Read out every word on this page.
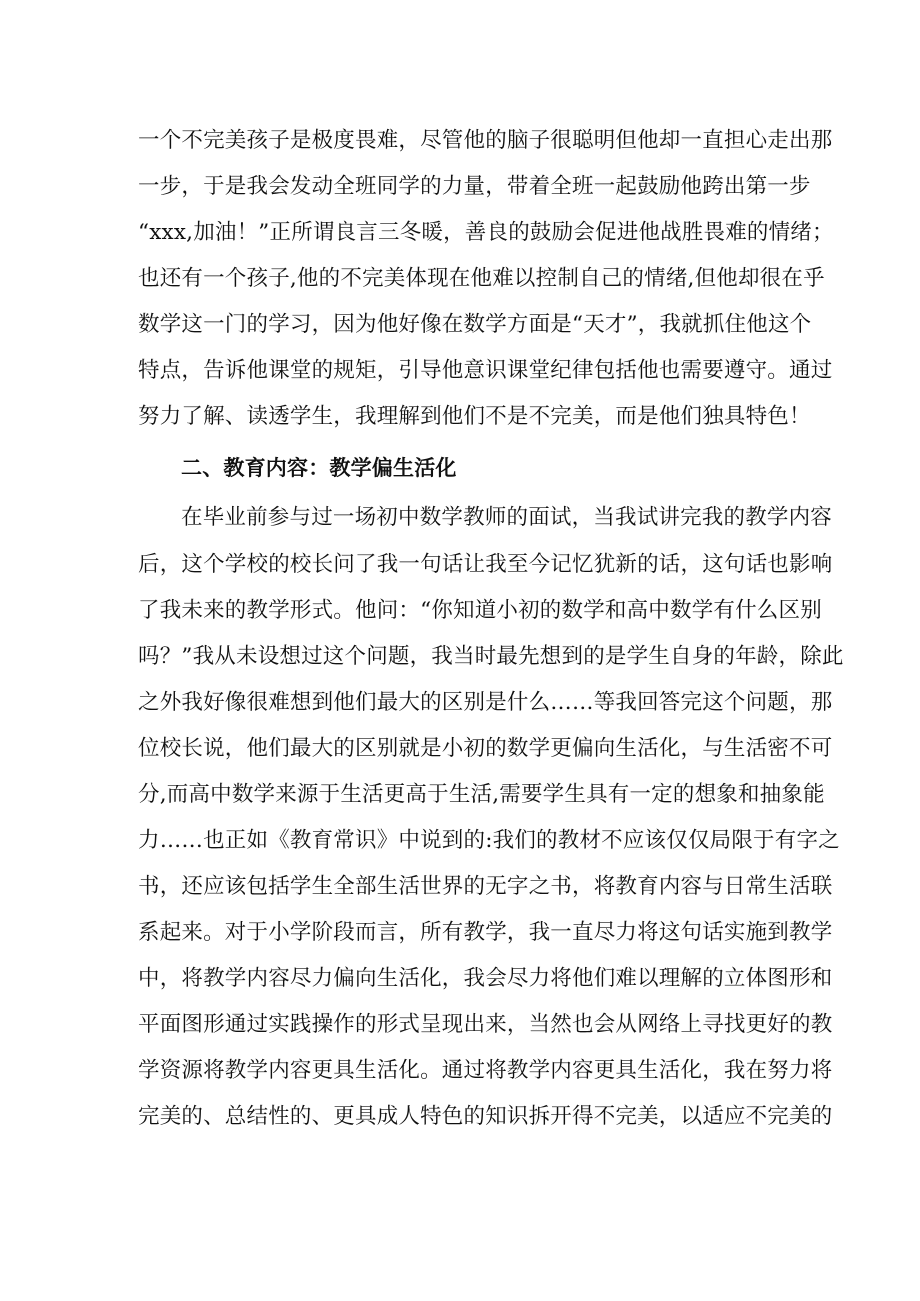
一个不完美孩子是极度畏难，尽管他的脑子很聪明但他却一直担心走出那
一步，于是我会发动全班同学的力量，带着全班一起鼓励他跨出第一步
“xxx,加油！”正所谓良言三冬暖，善良的鼓励会促进他战胜畏难的情绪；
也还有一个孩子,他的不完美体现在他难以控制自己的情绪,但他却很在乎
数学这一门的学习，因为他好像在数学方面是“天才”，我就抓住他这个
特点，告诉他课堂的规矩，引导他意识课堂纪律包括他也需要遵守。通过
努力了解、读透学生，我理解到他们不是不完美，而是他们独具特色！
二、教育内容：教学偏生活化
在毕业前参与过一场初中数学教师的面试，当我试讲完我的教学内容
后，这个学校的校长问了我一句话让我至今记忆犹新的话，这句话也影响
了我未来的教学形式。他问：“你知道小初的数学和高中数学有什么区别
吗？”我从未设想过这个问题，我当时最先想到的是学生自身的年龄，除此
之外我好像很难想到他们最大的区别是什么……等我回答完这个问题，那
位校长说，他们最大的区别就是小初的数学更偏向生活化，与生活密不可
分,而高中数学来源于生活更高于生活,需要学生具有一定的想象和抽象能
力……也正如《教育常识》中说到的:我们的教材不应该仅仅局限于有字之
书，还应该包括学生全部生活世界的无字之书，将教育内容与日常生活联
系起来。对于小学阶段而言，所有教学，我一直尽力将这句话实施到教学
中，将教学内容尽力偏向生活化，我会尽力将他们难以理解的立体图形和
平面图形通过实践操作的形式呈现出来，当然也会从网络上寻找更好的教
学资源将教学内容更具生活化。通过将教学内容更具生活化，我在努力将
完美的、总结性的、更具成人特色的知识拆开得不完美，以适应不完美的
